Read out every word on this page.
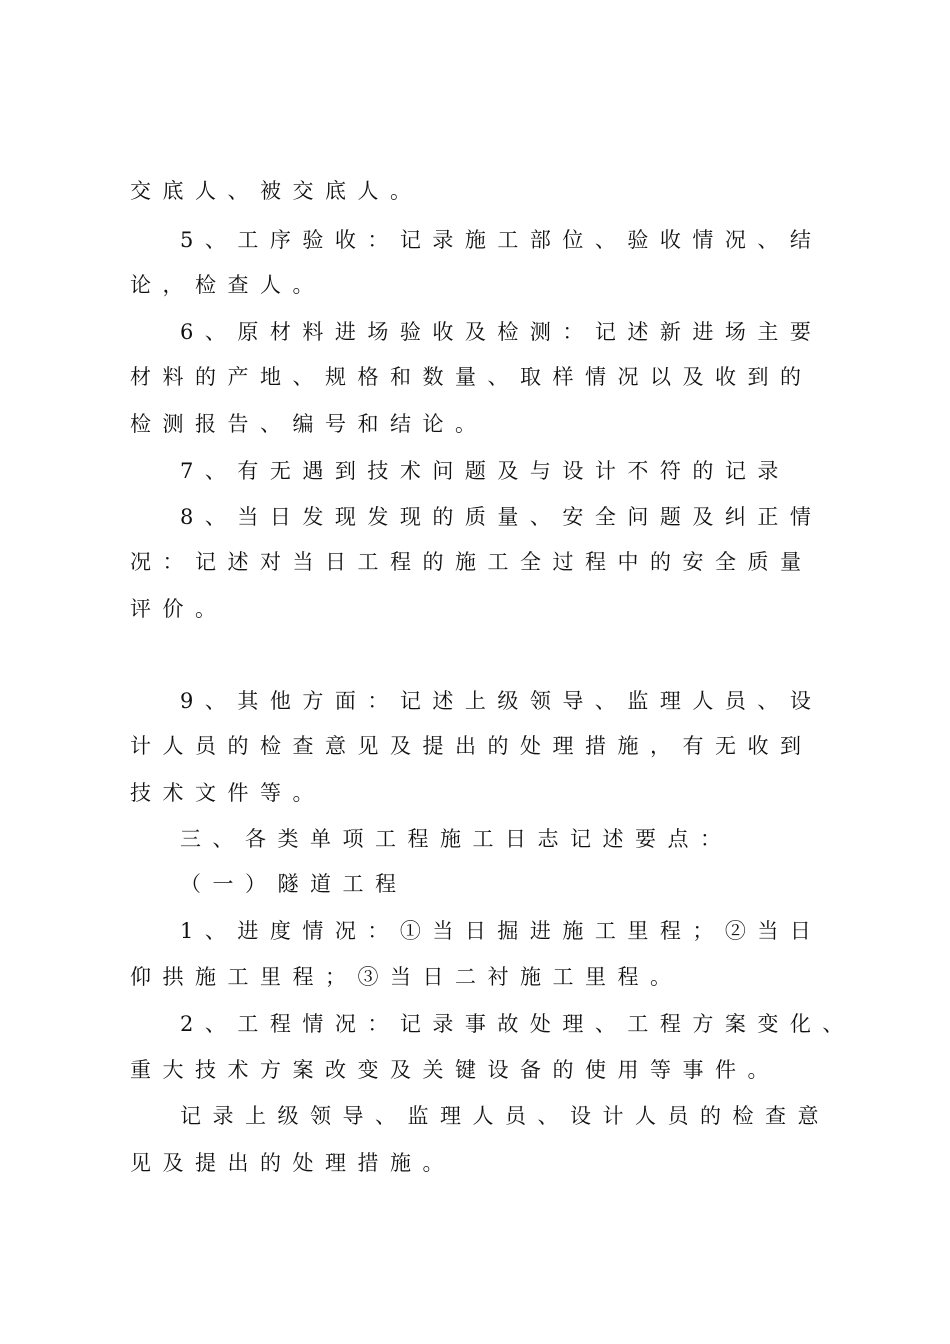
交底人、被交底人。
5、工序验收：记录施工部位、验收情况、结
论，检查人。
6、原材料进场验收及检测：记述新进场主要
材料的产地、规格和数量、取样情况以及收到的
检测报告、编号和结论。
7、有无遇到技术问题及与设计不符的记录
8、当日发现发现的质量、安全问题及纠正情
况：记述对当日工程的施工全过程中的安全质量
评价。
9、其他方面：记述上级领导、监理人员、设
计人员的检查意见及提出的处理措施，有无收到
技术文件等。
三、各类单项工程施工日志记述要点：
（一）隧道工程
1、进度情况：①当日掘进施工里程；②当日
仰拱施工里程；③当日二衬施工里程。
2、工程情况：记录事故处理、工程方案变化、
重大技术方案改变及关键设备的使用等事件。
记录上级领导、监理人员、设计人员的检查意
见及提出的处理措施。
